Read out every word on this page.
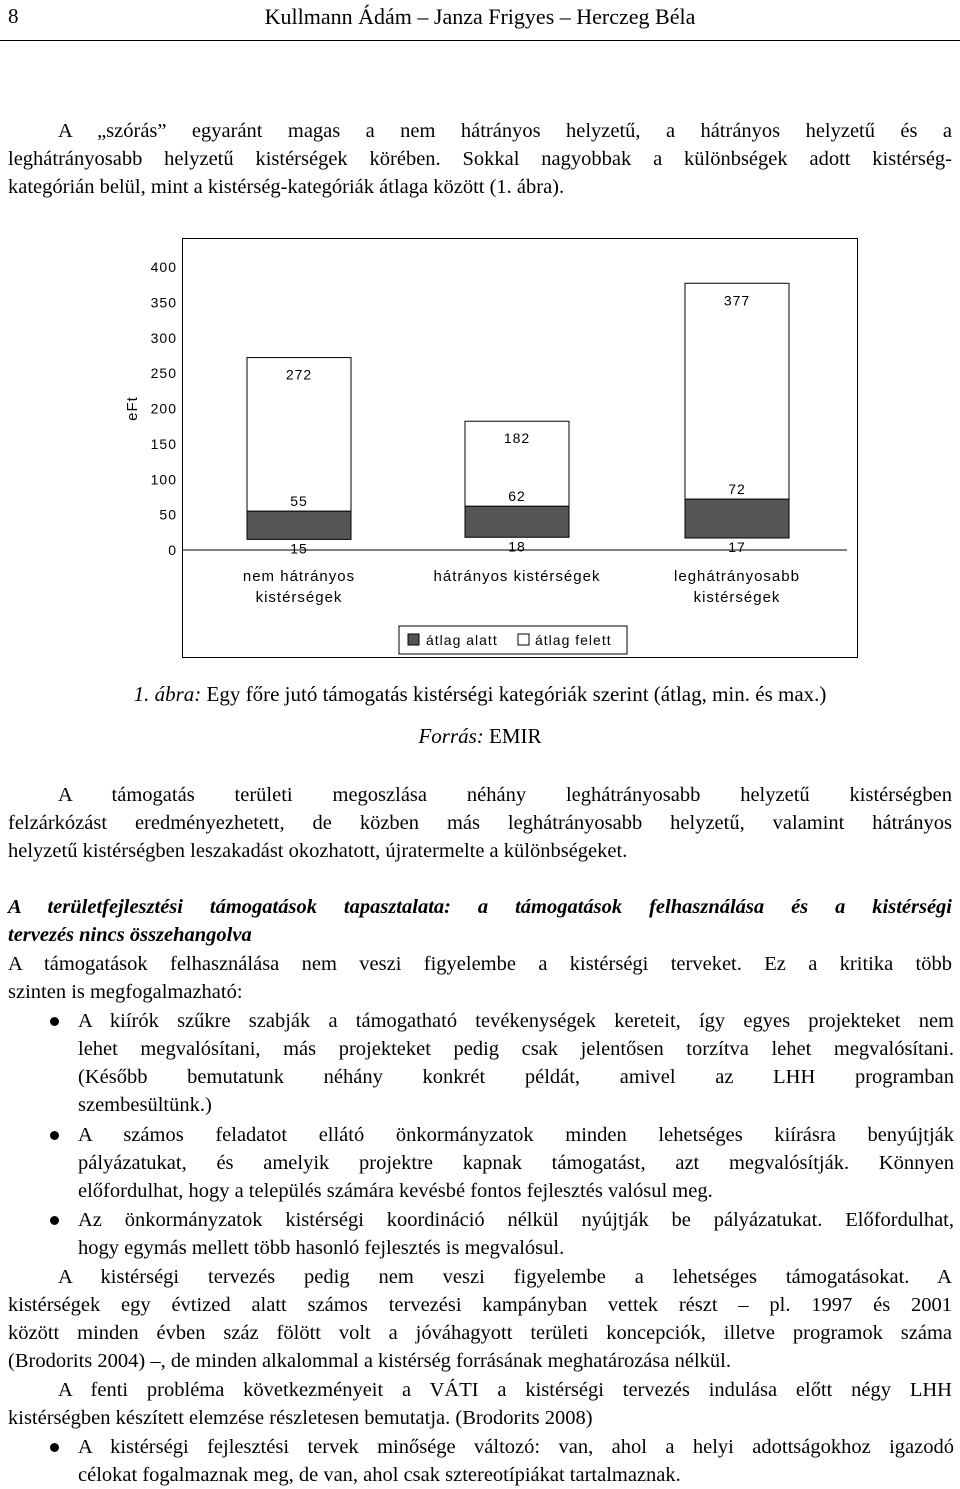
8	Kullmann Ádám – Janza Frigyes – Herczeg Béla
A „szórás” egyaránt magas a nem hátrányos helyzetű, a hátrányos helyzetű és a
leghátrányosabb helyzetű kistérségek körében. Sokkal nagyobbak a különbségek adott kistérség-
kategórián belül, mint a kistérség-kategóriák átlaga között (1. ábra).
eFt
0
50
100
150
200
250
300
350
400
272
55
15
nem hátrányos
kistérségek
182
62
18
hátrányos kistérségek
377
72
17
leghátrányosabb
kistérségek
átlag alatt	átlag felett
1. ábra: Egy főre jutó támogatás kistérségi kategóriák szerint (átlag, min. és max.)
Forrás: EMIR
A támogatás területi megoszlása néhány leghátrányosabb helyzetű kistérségben
felzárkózást eredményezhetett, de közben más leghátrányosabb helyzetű, valamint hátrányos
helyzetű kistérségben leszakadást okozhatott, újratermelte a különbségeket.
A területfejlesztési támogatások tapasztalata: a támogatások felhasználása és a kistérségi
tervezés nincs összehangolva
A támogatások felhasználása nem veszi figyelembe a kistérségi terveket. Ez a kritika több
szinten is megfogalmazható:
A kiírók szűkre szabják a támogatható tevékenységek kereteit, így egyes projekteket nem
lehet megvalósítani, más projekteket pedig csak jelentősen torzítva lehet megvalósítani.
(Később bemutatunk néhány konkrét példát, amivel az LHH programban
szembesültünk.)
A számos feladatot ellátó önkormányzatok minden lehetséges kiírásra benyújtják
pályázatukat, és amelyik projektre kapnak támogatást, azt megvalósítják. Könnyen
előfordulhat, hogy a település számára kevésbé fontos fejlesztés valósul meg.
Az önkormányzatok kistérségi koordináció nélkül nyújtják be pályázatukat. Előfordulhat,
hogy egymás mellett több hasonló fejlesztés is megvalósul.
A kistérségi tervezés pedig nem veszi figyelembe a lehetséges támogatásokat. A
kistérségek egy évtized alatt számos tervezési kampányban vettek részt – pl. 1997 és 2001
között minden évben száz fölött volt a jóváhagyott területi koncepciók, illetve programok száma
(Brodorits 2004) –, de minden alkalommal a kistérség forrásának meghatározása nélkül.
A fenti probléma következményeit a VÁTI a kistérségi tervezés indulása előtt négy LHH
kistérségben készített elemzése részletesen bemutatja. (Brodorits 2008)
A kistérségi fejlesztési tervek minősége változó: van, ahol a helyi adottságokhoz igazodó
célokat fogalmaznak meg, de van, ahol csak sztereotípiákat tartalmaznak.
